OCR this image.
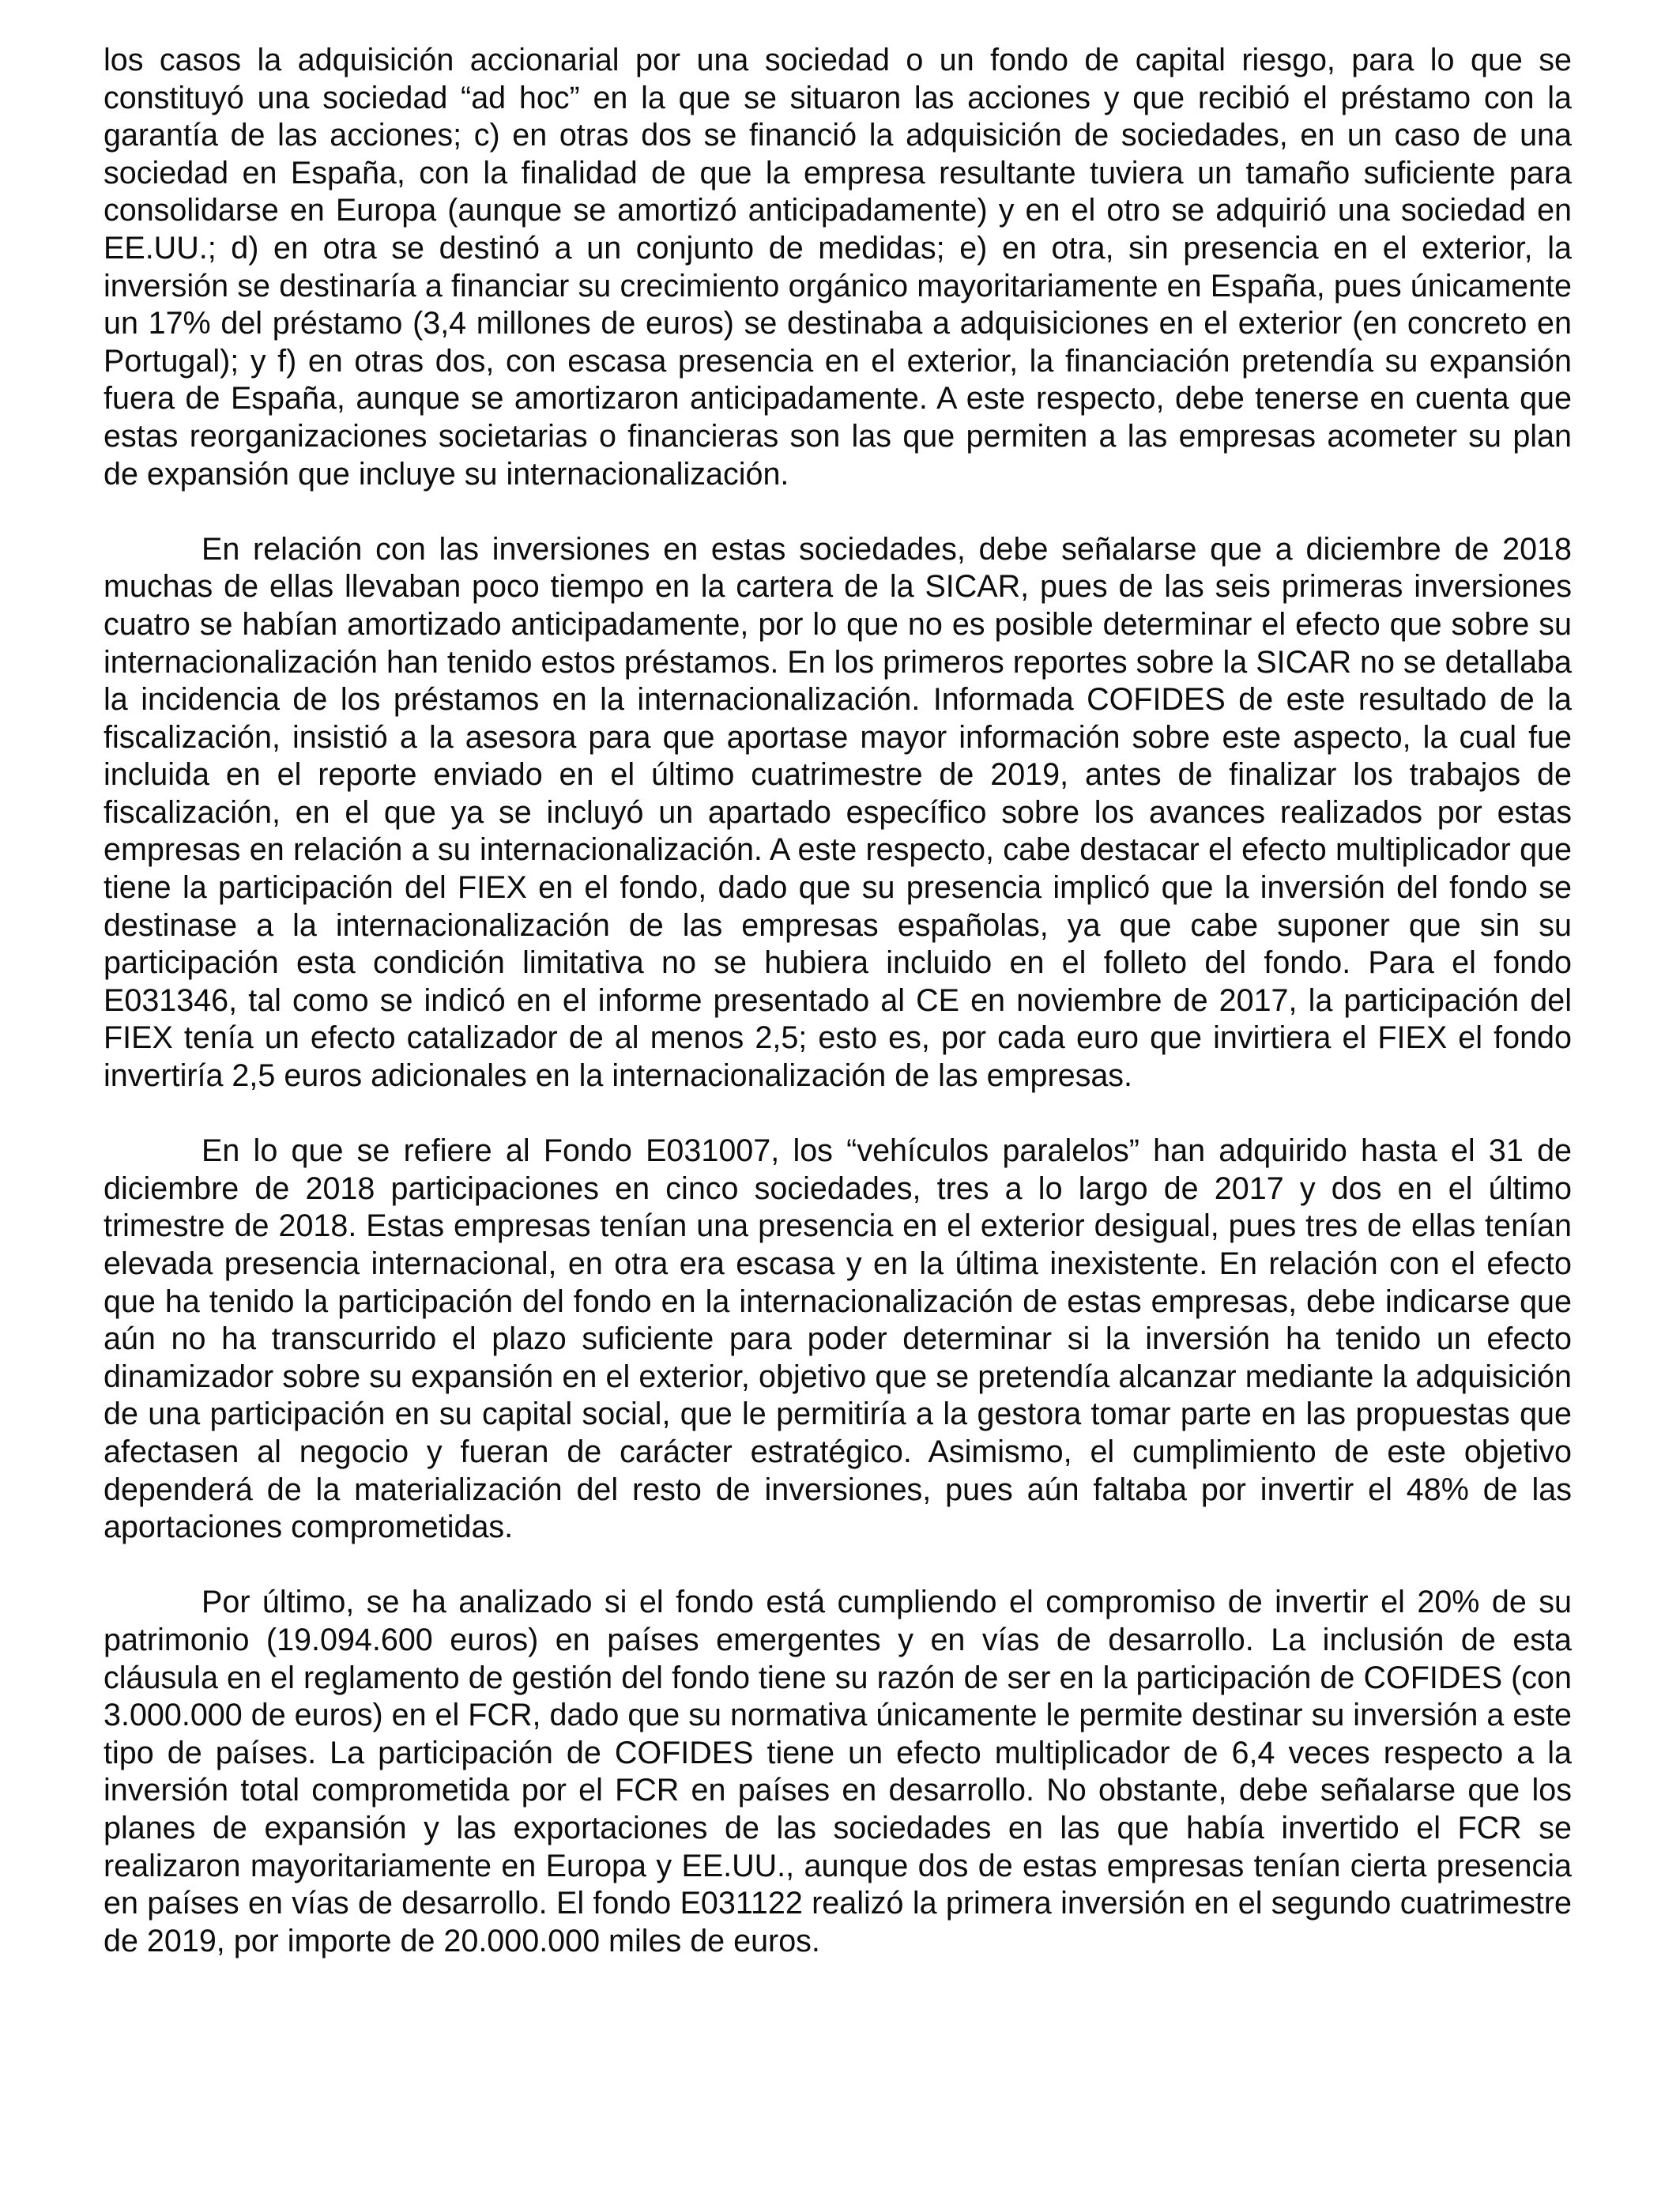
los casos la adquisición accionarial por una sociedad o un fondo de capital riesgo, para lo que se constituyó una sociedad “ad hoc” en la que se situaron las acciones y que recibió el préstamo con la garantía de las acciones; c) en otras dos se financió la adquisición de sociedades, en un caso de una sociedad en España, con la finalidad de que la empresa resultante tuviera un tamaño suficiente para consolidarse en Europa (aunque se amortizó anticipadamente) y en el otro se adquirió una sociedad en EE.UU.; d) en otra se destinó a un conjunto de medidas; e) en otra, sin presencia en el exterior, la inversión se destinaría a financiar su crecimiento orgánico mayoritariamente en España, pues únicamente un 17% del préstamo (3,4 millones de euros) se destinaba a adquisiciones en el exterior (en concreto en Portugal); y f) en otras dos, con escasa presencia en el exterior, la financiación pretendía su expansión fuera de España, aunque se amortizaron anticipadamente. A este respecto, debe tenerse en cuenta que estas reorganizaciones societarias o financieras son las que permiten a las empresas acometer su plan de expansión que incluye su internacionalización.

En relación con las inversiones en estas sociedades, debe señalarse que a diciembre de 2018 muchas de ellas llevaban poco tiempo en la cartera de la SICAR, pues de las seis primeras inversiones cuatro se habían amortizado anticipadamente, por lo que no es posible determinar el efecto que sobre su internacionalización han tenido estos préstamos. En los primeros reportes sobre la SICAR no se detallaba la incidencia de los préstamos en la internacionalización. Informada COFIDES de este resultado de la fiscalización, insistió a la asesora para que aportase mayor información sobre este aspecto, la cual fue incluida en el reporte enviado en el último cuatrimestre de 2019, antes de finalizar los trabajos de fiscalización, en el que ya se incluyó un apartado específico sobre los avances realizados por estas empresas en relación a su internacionalización. A este respecto, cabe destacar el efecto multiplicador que tiene la participación del FIEX en el fondo, dado que su presencia implicó que la inversión del fondo se destinase a la internacionalización de las empresas españolas, ya que cabe suponer que sin su participación esta condición limitativa no se hubiera incluido en el folleto del fondo. Para el fondo E031346, tal como se indicó en el informe presentado al CE en noviembre de 2017, la participación del FIEX tenía un efecto catalizador de al menos 2,5; esto es, por cada euro que invirtiera el FIEX el fondo invertiría 2,5 euros adicionales en la internacionalización de las empresas.

En lo que se refiere al Fondo E031007, los “vehículos paralelos” han adquirido hasta el 31 de diciembre de 2018 participaciones en cinco sociedades, tres a lo largo de 2017 y dos en el último trimestre de 2018. Estas empresas tenían una presencia en el exterior desigual, pues tres de ellas tenían elevada presencia internacional, en otra era escasa y en la última inexistente. En relación con el efecto que ha tenido la participación del fondo en la internacionalización de estas empresas, debe indicarse que aún no ha transcurrido el plazo suficiente para poder determinar si la inversión ha tenido un efecto dinamizador sobre su expansión en el exterior, objetivo que se pretendía alcanzar mediante la adquisición de una participación en su capital social, que le permitiría a la gestora tomar parte en las propuestas que afectasen al negocio y fueran de carácter estratégico. Asimismo, el cumplimiento de este objetivo dependerá de la materialización del resto de inversiones, pues aún faltaba por invertir el 48% de las aportaciones comprometidas.

Por último, se ha analizado si el fondo está cumpliendo el compromiso de invertir el 20% de su patrimonio (19.094.600 euros) en países emergentes y en vías de desarrollo. La inclusión de esta cláusula en el reglamento de gestión del fondo tiene su razón de ser en la participación de COFIDES (con 3.000.000 de euros) en el FCR, dado que su normativa únicamente le permite destinar su inversión a este tipo de países. La participación de COFIDES tiene un efecto multiplicador de 6,4 veces respecto a la inversión total comprometida por el FCR en países en desarrollo. No obstante, debe señalarse que los planes de expansión y las exportaciones de las sociedades en las que había invertido el FCR se realizaron mayoritariamente en Europa y EE.UU., aunque dos de estas empresas tenían cierta presencia en países en vías de desarrollo. El fondo E031122 realizó la primera inversión en el segundo cuatrimestre de 2019, por importe de 20.000.000 miles de euros.
